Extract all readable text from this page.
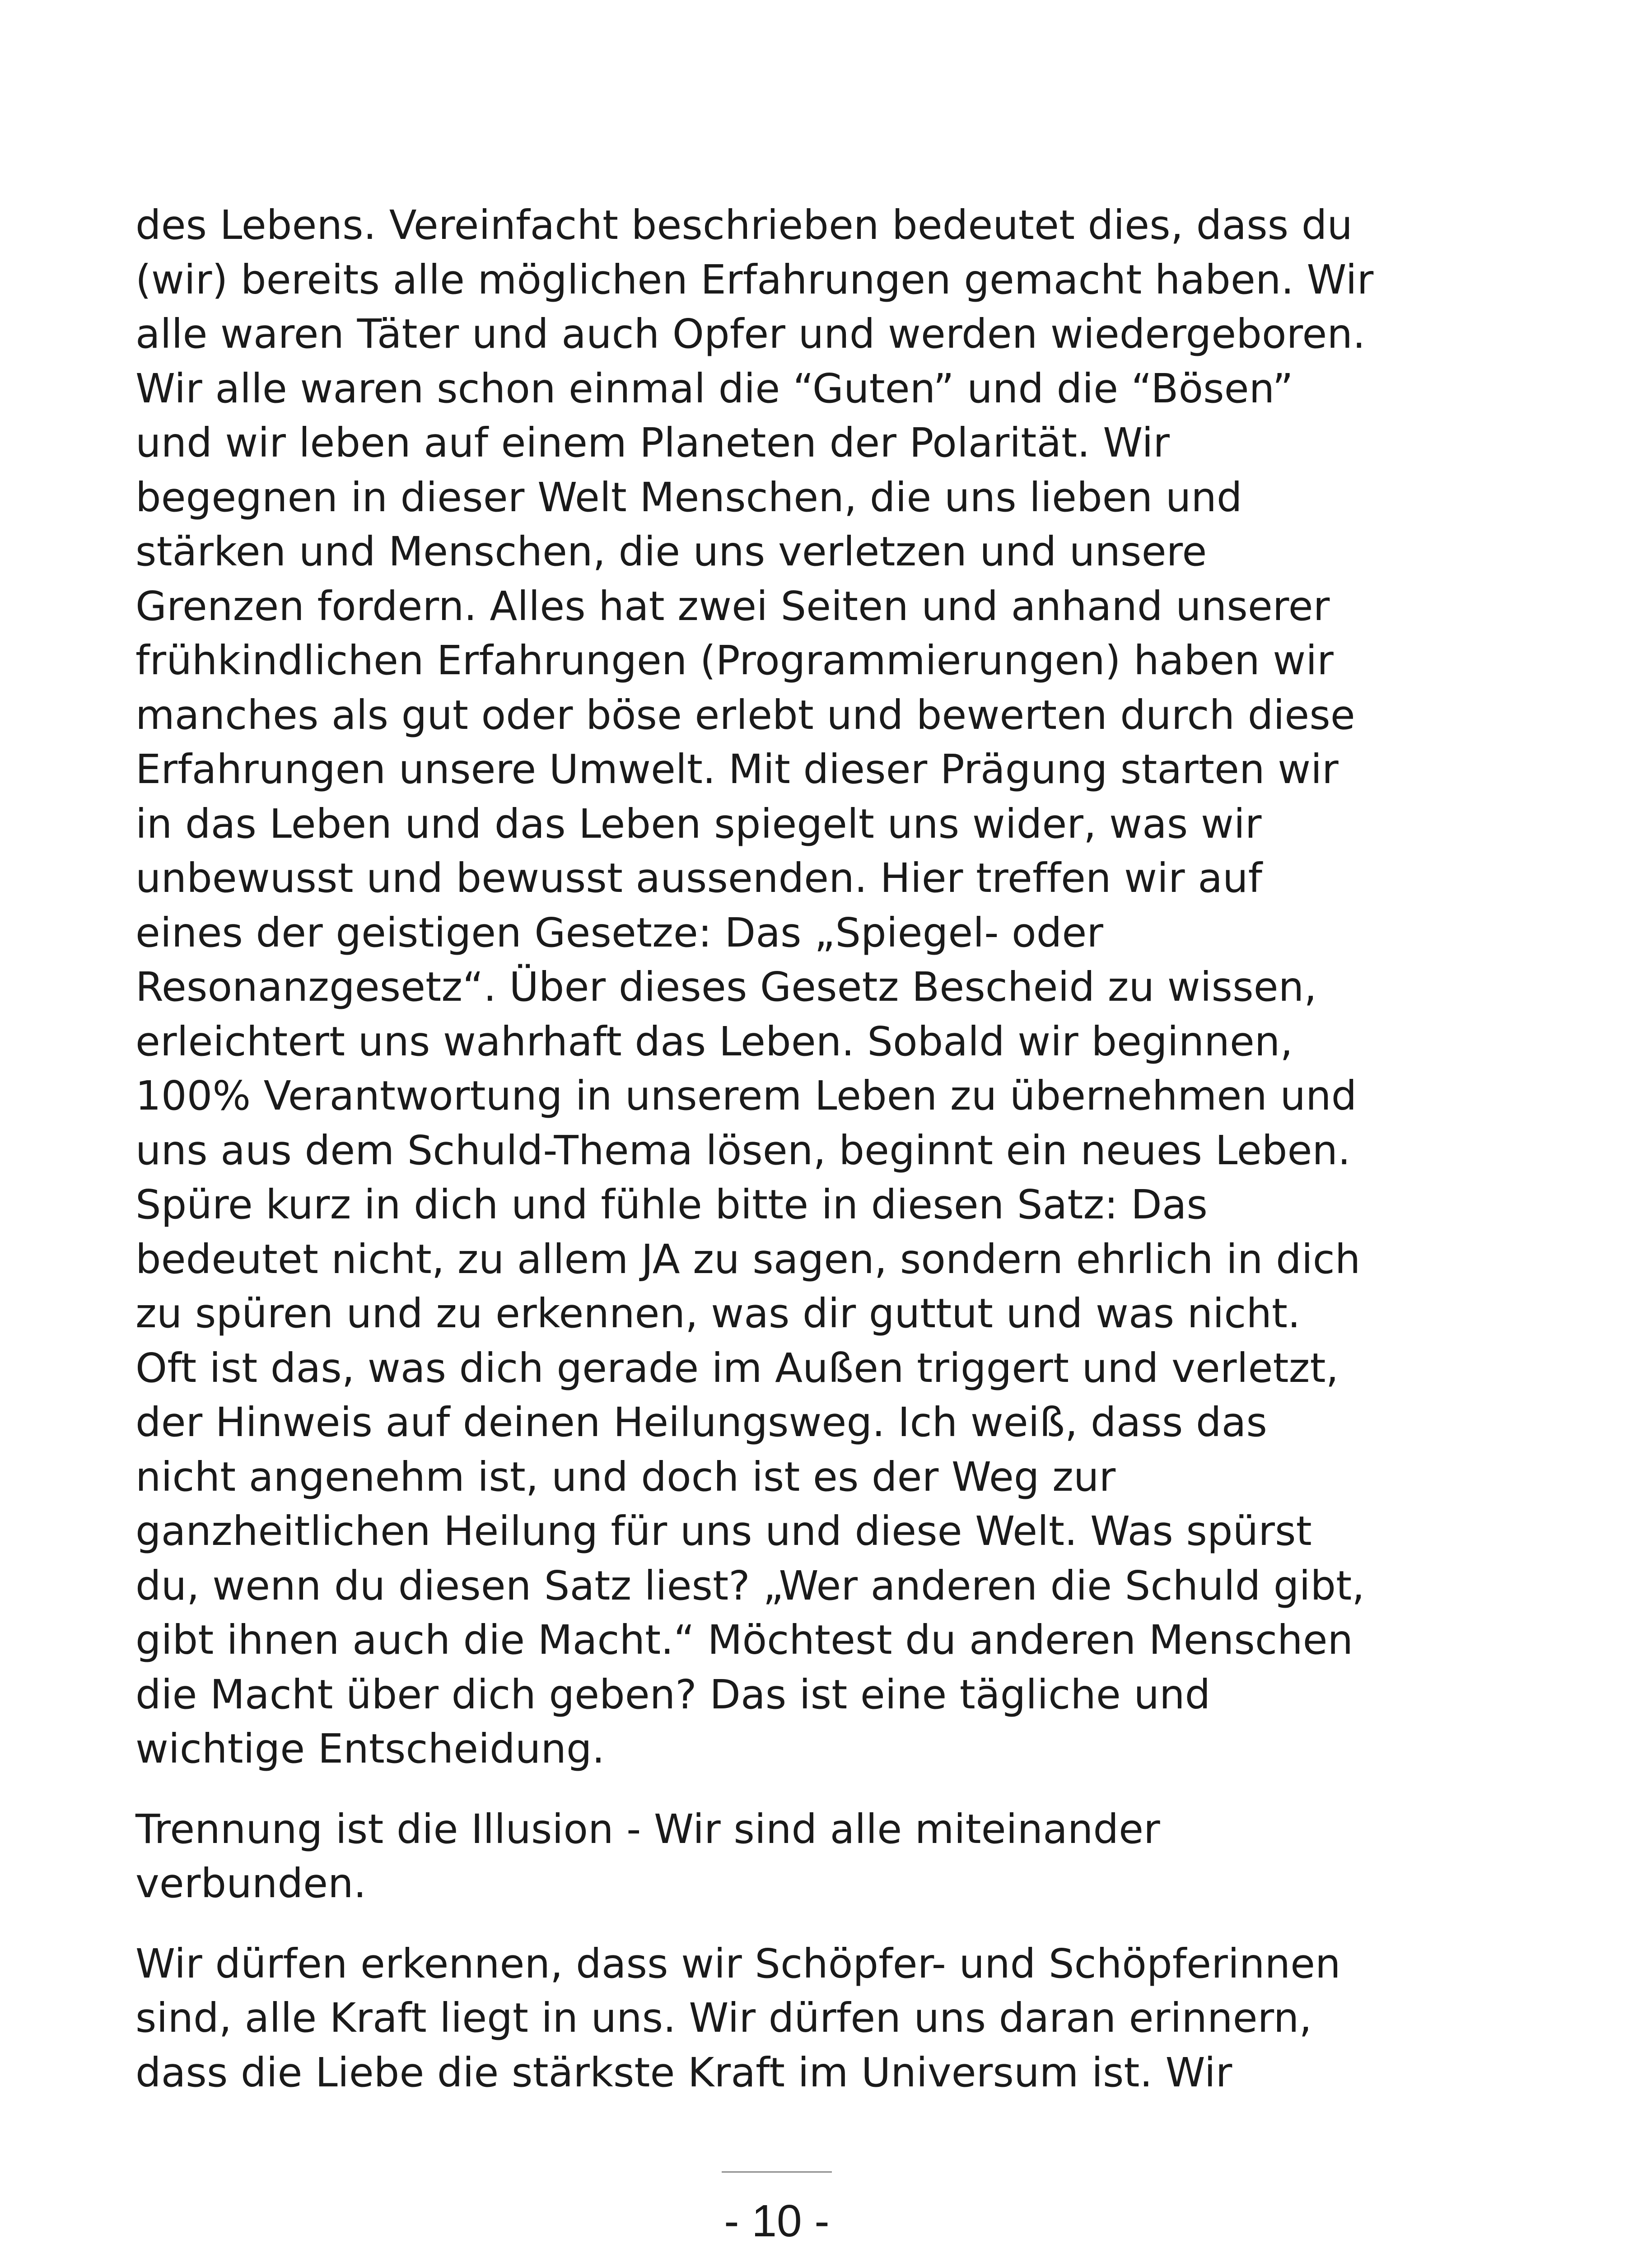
des Lebens. Vereinfacht beschrieben bedeutet dies, dass du
(wir) bereits alle möglichen Erfahrungen gemacht haben. Wir
alle waren Täter und auch Opfer und werden wiedergeboren.
Wir alle waren schon einmal die “Guten” und die “Bösen”
und wir leben auf einem Planeten der Polarität. Wir
begegnen in dieser Welt Menschen, die uns lieben und
stärken und Menschen, die uns verletzen und unsere
Grenzen fordern. Alles hat zwei Seiten und anhand unserer
frühkindlichen Erfahrungen (Programmierungen) haben wir
manches als gut oder böse erlebt und bewerten durch diese
Erfahrungen unsere Umwelt. Mit dieser Prägung starten wir
in das Leben und das Leben spiegelt uns wider, was wir
unbewusst und bewusst aussenden. Hier treffen wir auf
eines der geistigen Gesetze: Das „Spiegel- oder
Resonanzgesetz“. Über dieses Gesetz Bescheid zu wissen,
erleichtert uns wahrhaft das Leben. Sobald wir beginnen,
100% Verantwortung in unserem Leben zu übernehmen und
uns aus dem Schuld-Thema lösen, beginnt ein neues Leben.
Spüre kurz in dich und fühle bitte in diesen Satz: Das
bedeutet nicht, zu allem JA zu sagen, sondern ehrlich in dich
zu spüren und zu erkennen, was dir guttut und was nicht.
Oft ist das, was dich gerade im Außen triggert und verletzt,
der Hinweis auf deinen Heilungsweg. Ich weiß, dass das
nicht angenehm ist, und doch ist es der Weg zur
ganzheitlichen Heilung für uns und diese Welt. Was spürst
du, wenn du diesen Satz liest? „Wer anderen die Schuld gibt,
gibt ihnen auch die Macht.“ Möchtest du anderen Menschen
die Macht über dich geben? Das ist eine tägliche und
wichtige Entscheidung.
Trennung ist die Illusion - Wir sind alle miteinander
verbunden.
Wir dürfen erkennen, dass wir Schöpfer- und Schöpferinnen
sind, alle Kraft liegt in uns. Wir dürfen uns daran erinnern,
dass die Liebe die stärkste Kraft im Universum ist. Wir
- 10 -
